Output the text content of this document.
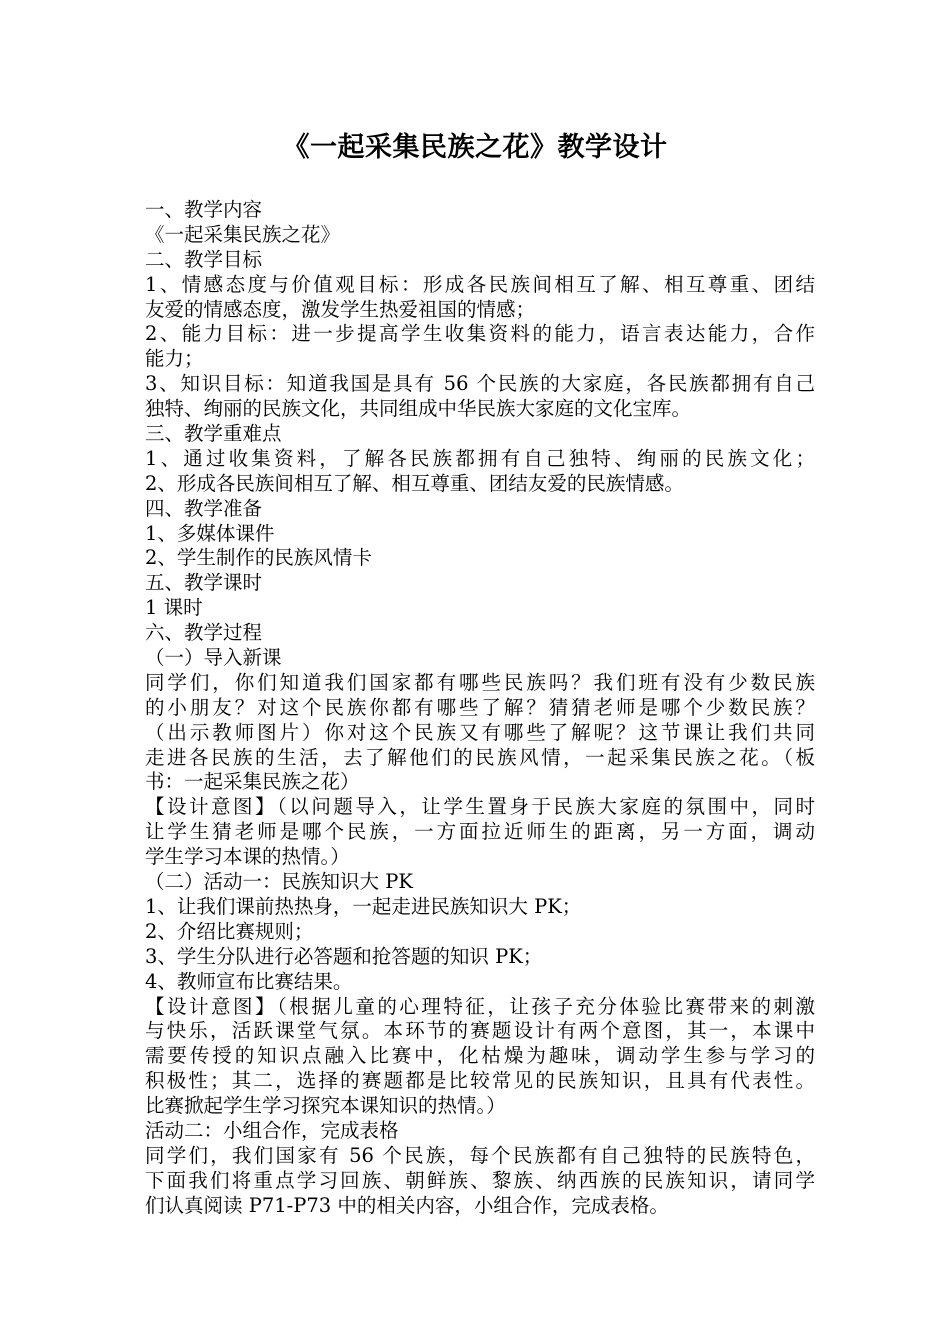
《一起采集民族之花》教学设计
一、教学内容
《一起采集民族之花》
二、教学目标
1、情感态度与价值观目标：形成各民族间相互了解、相互尊重、团结
友爱的情感态度，激发学生热爱祖国的情感；
2、能力目标：进一步提高学生收集资料的能力，语言表达能力，合作
能力；
3、知识目标：知道我国是具有 56 个民族的大家庭，各民族都拥有自己
独特、绚丽的民族文化，共同组成中华民族大家庭的文化宝库。
三、教学重难点
1、通过收集资料，了解各民族都拥有自己独特、绚丽的民族文化；
2、形成各民族间相互了解、相互尊重、团结友爱的民族情感。
四、教学准备
1、多媒体课件
2、学生制作的民族风情卡
五、教学课时
1 课时
六、教学过程
（一）导入新课
同学们，你们知道我们国家都有哪些民族吗？我们班有没有少数民族
的小朋友？对这个民族你都有哪些了解？猜猜老师是哪个少数民族？
（出示教师图片）你对这个民族又有哪些了解呢？这节课让我们共同
走进各民族的生活，去了解他们的民族风情，一起采集民族之花。（板
书：一起采集民族之花）
【设计意图】（以问题导入，让学生置身于民族大家庭的氛围中，同时
让学生猜老师是哪个民族，一方面拉近师生的距离，另一方面，调动
学生学习本课的热情。）
（二）活动一：民族知识大 PK
1、让我们课前热热身，一起走进民族知识大 PK；
2、介绍比赛规则；
3、学生分队进行必答题和抢答题的知识 PK；
4、教师宣布比赛结果。
【设计意图】（根据儿童的心理特征，让孩子充分体验比赛带来的刺激
与快乐，活跃课堂气氛。本环节的赛题设计有两个意图，其一，本课中
需要传授的知识点融入比赛中，化枯燥为趣味，调动学生参与学习的
积极性；其二，选择的赛题都是比较常见的民族知识，且具有代表性。
比赛掀起学生学习探究本课知识的热情。）
活动二：小组合作，完成表格
同学们，我们国家有 56 个民族，每个民族都有自己独特的民族特色，
下面我们将重点学习回族、朝鲜族、黎族、纳西族的民族知识，请同学
们认真阅读 P71-P73 中的相关内容，小组合作，完成表格。
